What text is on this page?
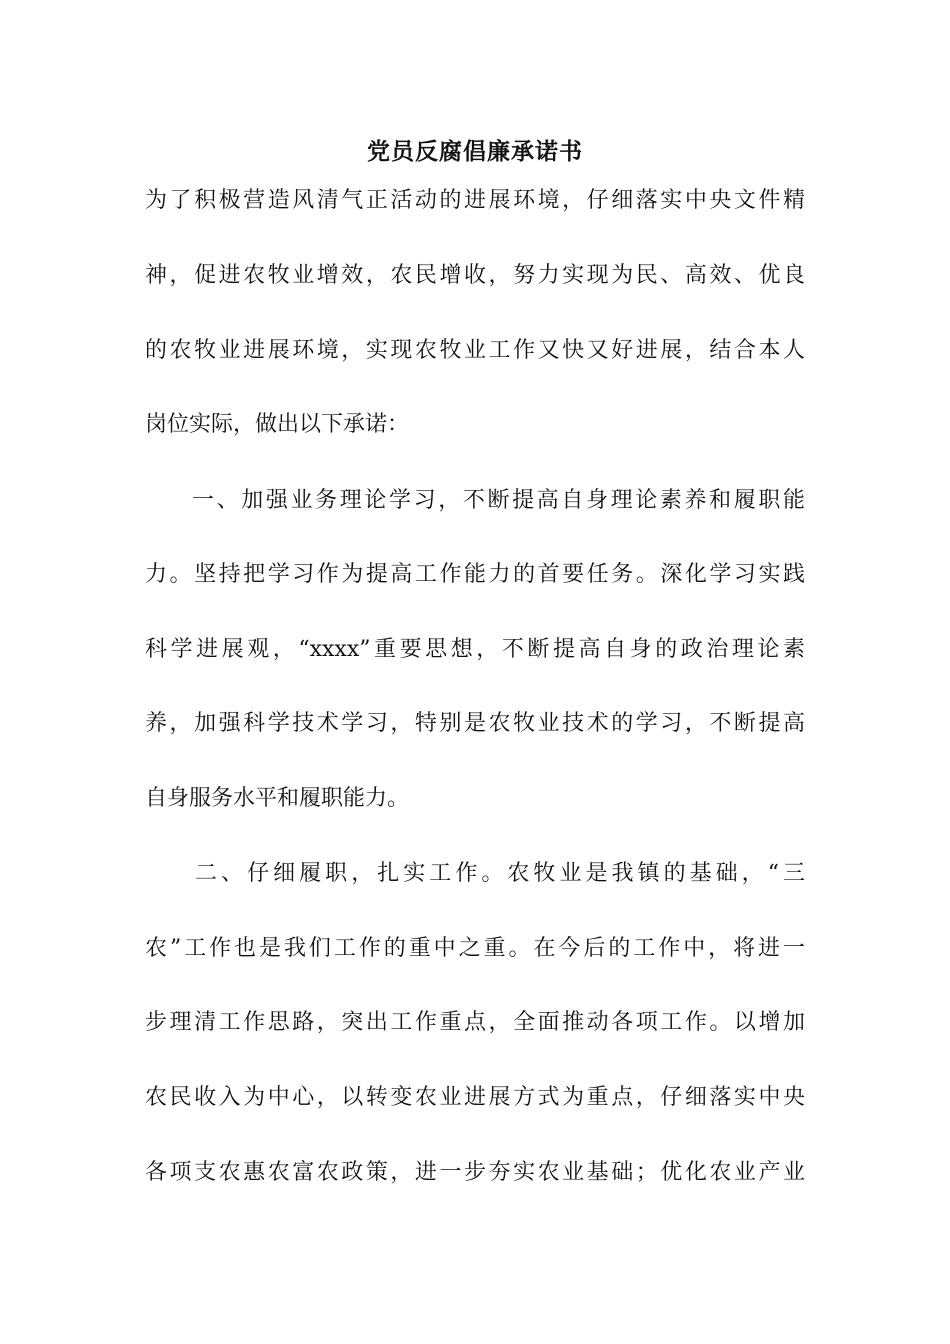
党员反腐倡廉承诺书
为了积极营造风清气正活动的进展环境，仔细落实中央文件精
神，促进农牧业增效，农民增收，努力实现为民、高效、优良
的农牧业进展环境，实现农牧业工作又快又好进展，结合本人
岗位实际，做出以下承诺：
一、加强业务理论学习，不断提高自身理论素养和履职能
力。坚持把学习作为提高工作能力的首要任务。深化学习实践
科学进展观，“xxxx”重要思想，不断提高自身的政治理论素
养，加强科学技术学习，特别是农牧业技术的学习，不断提高
自身服务水平和履职能力。
二、仔细履职，扎实工作。农牧业是我镇的基础，“三
农”工作也是我们工作的重中之重。在今后的工作中，将进一
步理清工作思路，突出工作重点，全面推动各项工作。以增加
农民收入为中心，以转变农业进展方式为重点，仔细落实中央
各项支农惠农富农政策，进一步夯实农业基础；优化农业产业
